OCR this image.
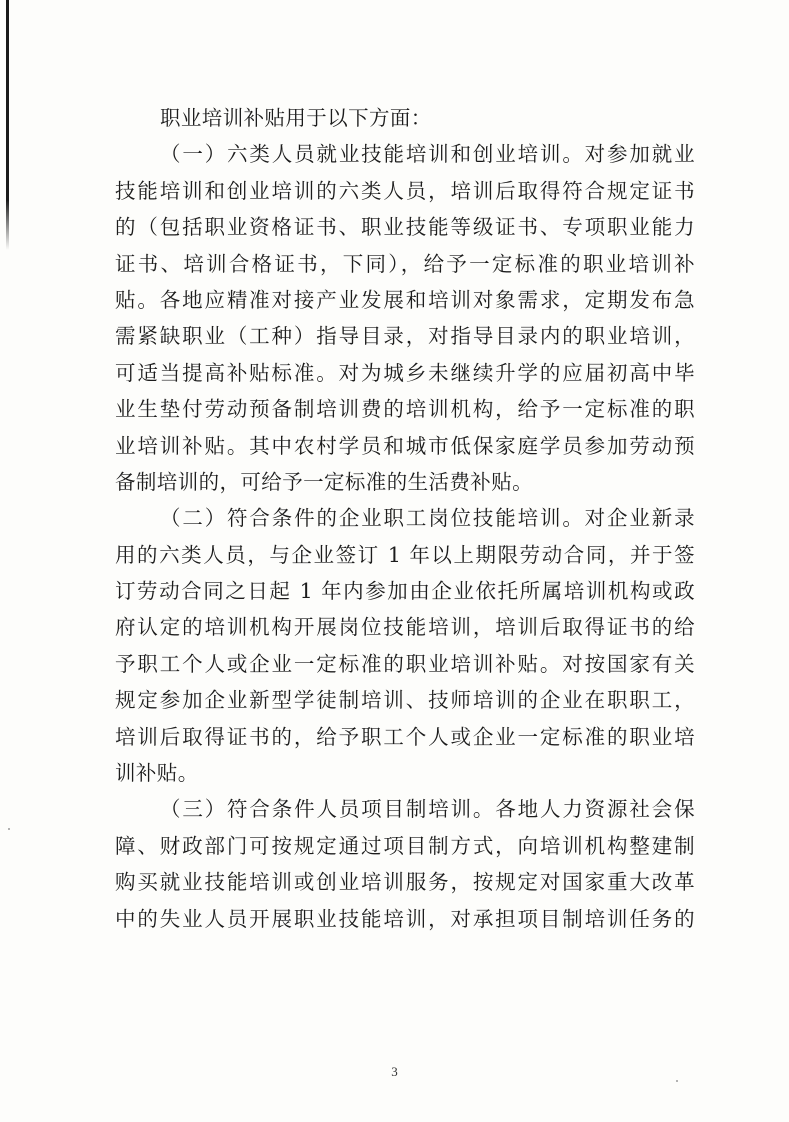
职业培训补贴用于以下方面：
（一）六类人员就业技能培训和创业培训。对参加就业
技能培训和创业培训的六类人员，培训后取得符合规定证书
的（包括职业资格证书、职业技能等级证书、专项职业能力
证书、培训合格证书，下同），给予一定标准的职业培训补
贴。各地应精准对接产业发展和培训对象需求，定期发布急
需紧缺职业（工种）指导目录，对指导目录内的职业培训，
可适当提高补贴标准。对为城乡未继续升学的应届初高中毕
业生垫付劳动预备制培训费的培训机构，给予一定标准的职
业培训补贴。其中农村学员和城市低保家庭学员参加劳动预
备制培训的，可给予一定标准的生活费补贴。
（二）符合条件的企业职工岗位技能培训。对企业新录
用的六类人员，与企业签订 1 年以上期限劳动合同，并于签
订劳动合同之日起 1 年内参加由企业依托所属培训机构或政
府认定的培训机构开展岗位技能培训，培训后取得证书的给
予职工个人或企业一定标准的职业培训补贴。对按国家有关
规定参加企业新型学徒制培训、技师培训的企业在职职工，
培训后取得证书的，给予职工个人或企业一定标准的职业培
训补贴。
（三）符合条件人员项目制培训。各地人力资源社会保
障、财政部门可按规定通过项目制方式，向培训机构整建制
购买就业技能培训或创业培训服务，按规定对国家重大改革
中的失业人员开展职业技能培训，对承担项目制培训任务的
3
